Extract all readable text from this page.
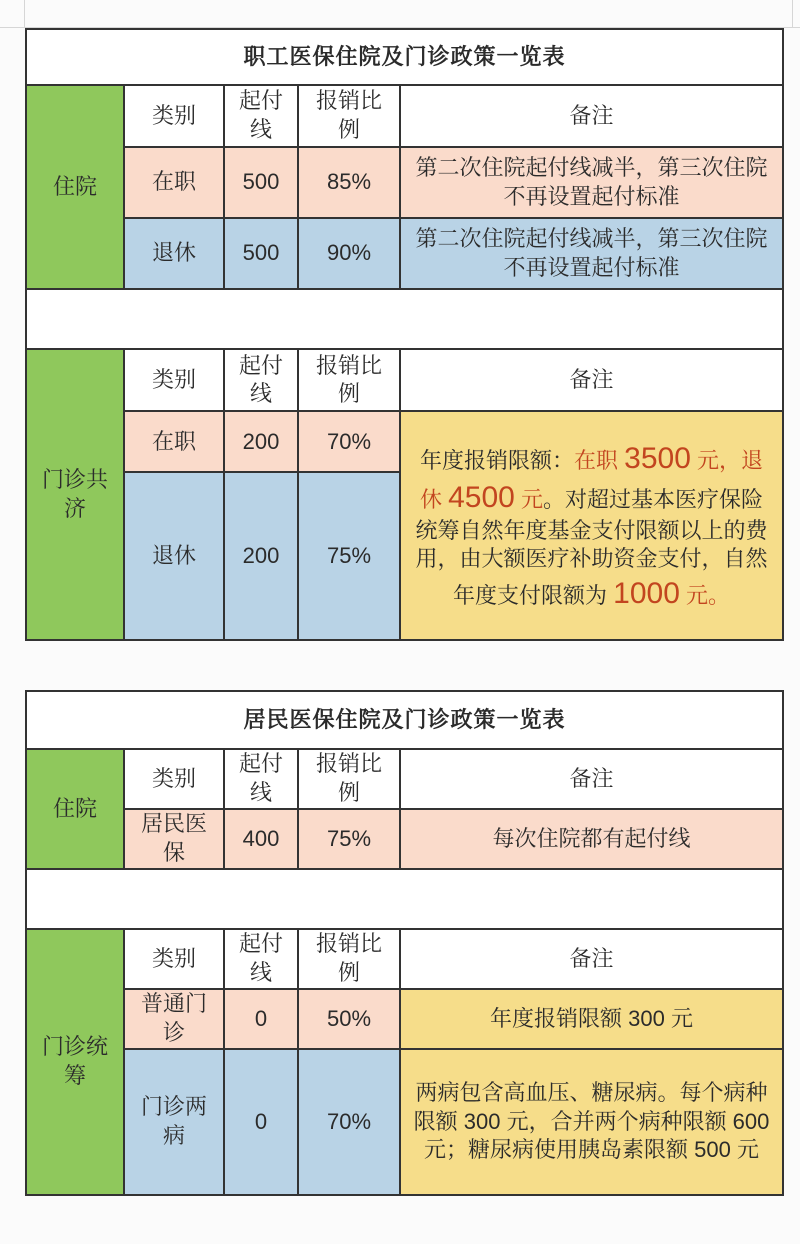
职工医保住院及门诊政策一览表				
住院	类别	起付线	报销比例	备注
	在职	500	85%	第二次住院起付线减半，第三次住院不再设置起付标准
	退休	500	90%	第二次住院起付线减半，第三次住院不再设置起付标准

门诊共济	类别	起付线	报销比例	备注
	在职	200	70%	年度报销限额：在职 3500 元，退休 4500 元。对超过基本医疗保险统筹自然年度基金支付限额以上的费用，由大额医疗补助资金支付，自然年度支付限额为 1000 元。
	退休	200	75%	
居民医保住院及门诊政策一览表				
住院	类别	起付线	报销比例	备注
	居民医保	400	75%	每次住院都有起付线

门诊统筹	类别	起付线	报销比例	备注
	普通门诊	0	50%	年度报销限额 300 元
	门诊两病	0	70%	两病包含高血压、糖尿病。每个病种限额 300 元，合并两个病种限额 600 元；糖尿病使用胰岛素限额 500 元
